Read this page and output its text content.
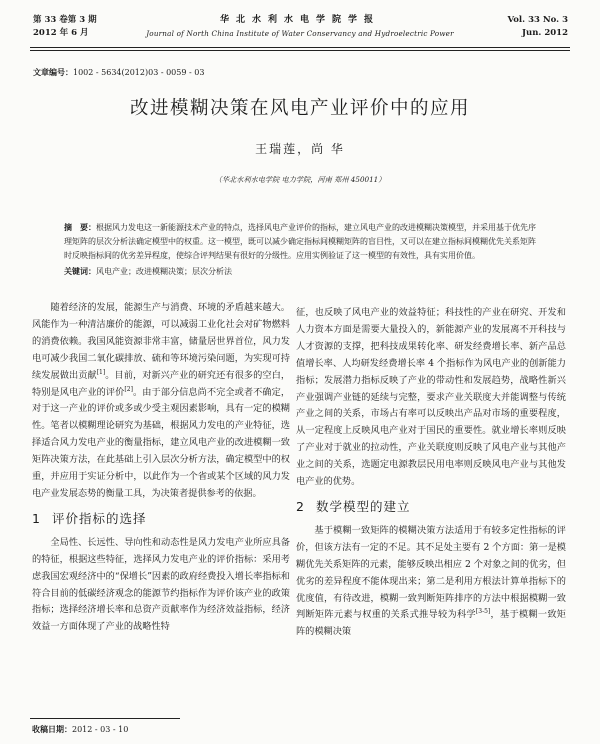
第 33 卷第 3 期
2012 年 6 月
华北水利水电学院学报
Journal of North China Institute of Water Conservancy and Hydroelectric Power
Vol. 33 No. 3
Jun. 2012
文章编号：1002 - 5634(2012)03 - 0059 - 03
改进模糊决策在风电产业评价中的应用
王瑞莲，尚 华
（华北水利水电学院 电力学院，河南 郑州 450011）
摘　要：根据风力发电这一新能源技术产业的特点，选择风电产业评价的指标，建立风电产业的改进模糊决策模型，并采用基于优先序理矩阵的层次分析法确定模型中的权重。这一模型，既可以减少确定指标间模糊矩阵的盲目性，又可以在建立指标间模糊优先关系矩阵时反映指标间的优劣差异程度，使综合评判结果有很好的分级性。应用实例验证了这一模型的有效性，具有实用价值。
关键词：风电产业；改进模糊决策；层次分析法

随着经济的发展，能源生产与消费、环境的矛盾越来越大。风能作为一种清洁廉价的能源，可以减弱工业化社会对矿物燃料的消费依赖。我国风能资源非常丰富，储量居世界首位，风力发电可减少我国二氧化碳排放、硫和等环境污染问题，为实现可持续发展做出贡献[1]。目前，对新兴产业的研究还有很多的空白，特别是风电产业的评价[2]。由于部分信息尚不完全或者不确定，对于这一产业的评价或多或少受主观因素影响，具有一定的模糊性。笔者以模糊理论研究为基础，根据风力发电的产业特征，选择适合风力发电产业的衡量指标，建立风电产业的改进模糊一致矩阵决策方法，在此基础上引入层次分析方法，确定模型中的权重，并应用于实证分析中，以此作为一个省或某个区域的风力发电产业发展态势的衡量工具，为决策者提供参考的依据。

1 评价指标的选择

全局性、长远性、导向性和动态性是风力发电产业所应具备的特征，根据这些特征，选择风力发电产业的评价指标：采用考虑我国宏观经济中的“保增长”因素的政府经费投入增长率指标和符合目前的低碳经济观念的能源节约指标作为评价该产业的政策指标；选择经济增长率和总资产贡献率作为经济效益指标，经济效益一方面体现了产业的战略性特

征，也反映了风电产业的效益特征；科技性的产业在研究、开发和人力资本方面是需要大量投入的，新能源产业的发展离不开科技与人才资源的支撑，把科技成果转化率、研发经费增长率、新产品总值增长率、人均研发经费增长率 4 个指标作为风电产业的创新能力指标；发展潜力指标反映了产业的带动性和发展趋势，战略性新兴产业强调产业链的延续与完整，要求产业关联度大并能调整与传统产业之间的关系，市场占有率可以反映出产品对市场的重要程度，从一定程度上反映风电产业对于国民的重要性。就业增长率则反映了产业对于就业的拉动性，产业关联度则反映了风电产业与其他产业之间的关系，选题定电源教层民用电率则反映风电产业与其他发电产业的优势。

2 数学模型的建立

基于模糊一致矩阵的模糊决策方法适用于有较多定性指标的评价，但该方法有一定的不足。其不足处主要有 2 个方面：第一是模糊优先关系矩阵的元素，能够反映出相应 2 个对象之间的优劣，但优劣的差异程度不能体现出来；第二是利用方根法计算单指标下的优度值，有待改进，模糊一致判断矩阵排序的方法中根据模糊一致判断矩阵元素与权重的关系式推导较为科学[3-5]，基于模糊一致矩阵的模糊决策

收稿日期：2012 - 03 - 10
